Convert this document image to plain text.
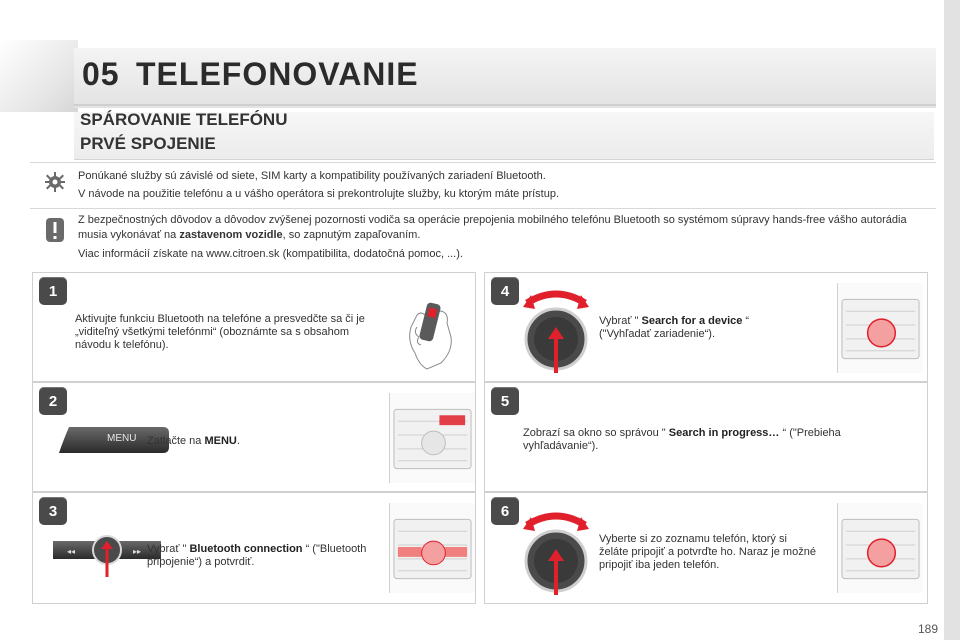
05 TELEFONOVANIE
SPÁROVANIE TELEFÓNU
PRVÉ SPOJENIE
Ponúkané služby sú závislé od siete, SIM karty a kompatibility používaných zariadení Bluetooth.
V návode na použitie telefónu a u vášho operátora si prekontrolujte služby, ku ktorým máte prístup.
Z bezpečnostných dôvodov a dôvodov zvýšenej pozornosti vodiča sa operácie prepojenia mobilného telefónu Bluetooth so systémom súpravy hands-free vášho autorádia musia vykonávať na zastavenom vozidle, so zapnutým zapaľovaním.
Viac informácií získate na www.citroen.sk (kompatibilita, dodatočná pomoc, ...).
1
Aktivujte funkciu Bluetooth na telefóne a presvedčte sa či je „viditeľný všetkými telefónmi“ (oboznámte sa s obsahom návodu k telefónu).
2
MENU Zatlačte na MENU.
3
◂◂	▸▸ Vybrať " Bluetooth connection “ ("Bluetooth pripojenie“) a potvrdiť.
4
Vybrať " Search for a device “ ("Vyhľadať zariadenie“).
5
Zobrazí sa okno so správou " Search in progress… “ ("Prebieha vyhľadávanie“).
6
Vyberte si zo zoznamu telefón, ktorý si želáte pripojiť a potvrďte ho. Naraz je možné pripojiť iba jeden telefón.
189
